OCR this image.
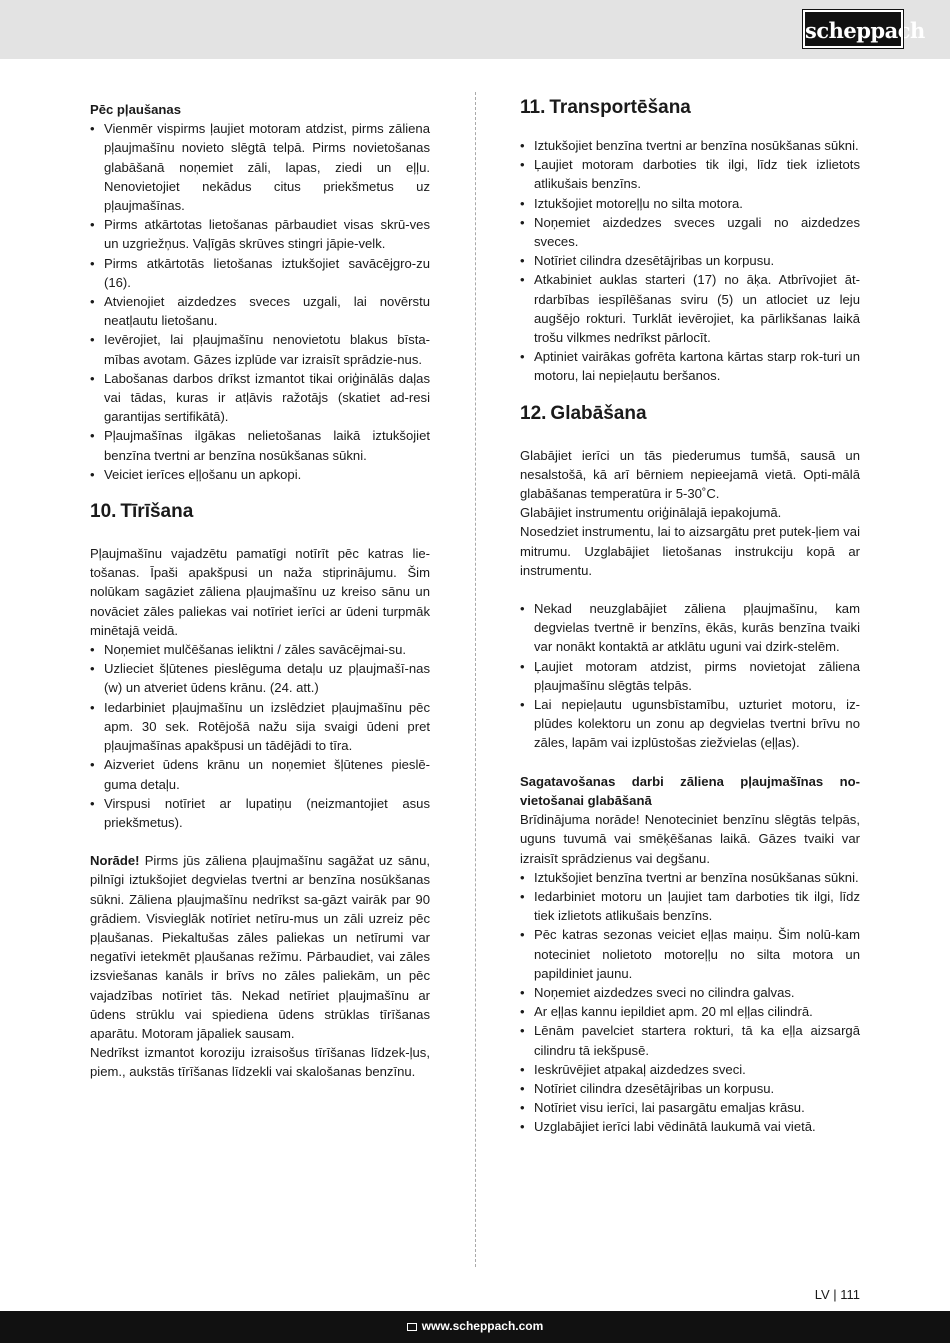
scheppach

Pēc pļaušanas

• Vienmēr vispirms ļaujiet motoram atdzist, pirms zāliena pļaujmašīnu novieto slēgtā telpā. Pirms novietošanas glabāšanā noņemiet zāli, lapas, ziedi un eļļu. Nenovietojiet nekādus citus priekšmetus uz pļaujmašīnas.
• Pirms atkārtotas lietošanas pārbaudiet visas skrū-ves un uzgriežņus. Vaļīgās skrūves stingri jāpie-velk.
• Pirms atkārtotās lietošanas iztukšojiet savācējgro-zu (16).
• Atvienojiet aizdedzes sveces uzgali, lai novērstu neatļautu lietošanu.
• Ievērojiet, lai pļaujmašīnu nenovietotu blakus bīsta-mības avotam. Gāzes izplūde var izraisīt sprādzie-nus.
• Labošanas darbos drīkst izmantot tikai oriģinālās daļas vai tādas, kuras ir atļāvis ražotājs (skatiet ad-resi garantijas sertifikātā).
• Pļaujmašīnas ilgākas nelietošanas laikā iztukšojiet benzīna tvertni ar benzīna nosūkšanas sūkni.
• Veiciet ierīces eļļošanu un apkopi.
10. Tīrīšana

Pļaujmašīnu vajadzētu pamatīgi notīrīt pēc katras lie-tošanas. Īpaši apakšpusi un naža stiprinājumu. Šim nolūkam sagāziet zāliena pļaujmašīnu uz kreiso sānu un novāciet zāles paliekas vai notīriet ierīci ar ūdeni turpmāk minētajā veidā.

• Noņemiet mulčēšanas ieliktni / zāles savācējmai-su.
• Uzlieciet šļūtenes pieslēguma detaļu uz pļaujmašī-nas (w) un atveriet ūdens krānu. (24. att.)
• Iedarbiniet pļaujmašīnu un izslēdziet pļaujmašīnu pēc apm. 30 sek. Rotējošā nažu sija svaigi ūdeni pret pļaujmašīnas apakšpusi un tādējādi to tīra.
• Aizveriet ūdens krānu un noņemiet šļūtenes pieslē-guma detaļu.
• Virspusi notīriet ar lupatiņu (neizmantojiet asus priekšmetus).

Norāde! Pirms jūs zāliena pļaujmašīnu sagāžat uz sānu, pilnīgi iztukšojiet degvielas tvertni ar benzīna nosūkšanas sūkni. Zāliena pļaujmašīnu nedrīkst sa-gāzt vairāk par 90 grādiem. Visvieglāk notīriet netīru-mus un zāli uzreiz pēc pļaušanas. Piekaltušas zāles paliekas un netīrumi var negatīvi ietekmēt pļaušanas režīmu. Pārbaudiet, vai zāles izsviešanas kanāls ir brīvs no zāles paliekām, un pēc vajadzības notīriet tās. Nekad netīriet pļaujmašīnu ar ūdens strūklu vai spiediena ūdens strūklas tīrīšanas aparātu. Motoram jāpaliek sausam.

Nedrīkst izmantot koroziju izraisošus tīrīšanas līdzek-ļus, piem., aukstās tīrīšanas līdzekli vai skalošanas benzīnu.

11. Transportēšana
• Iztukšojiet benzīna tvertni ar benzīna nosūkšanas sūkni.
• Ļaujiet motoram darboties tik ilgi, līdz tiek izlietots atlikušais benzīns.
• Iztukšojiet motoreļļu no silta motora.
• Noņemiet aizdedzes sveces uzgali no aizdedzes sveces.
• Notīriet cilindra dzesētājribas un korpusu.
• Atkabiniet auklas starteri (17) no āķa. Atbrīvojiet āt-rdarbības iespīlēšanas sviru (5) un atlociet uz leju augšējo rokturi. Turklāt ievērojiet, ka pārlikšanas laikā trošu vilkmes nedrīkst pārlocīt.
• Aptiniet vairākas gofrēta kartona kārtas starp rok-turi un motoru, lai nepieļautu beršanos.
12. Glabāšana

Glabājiet ierīci un tās piederumus tumšā, sausā un nesalstošā, kā arī bērniem nepieejamā vietā. Opti-mālā glabāšanas temperatūra ir 5-30˚C.

Glabājiet instrumentu oriģinālajā iepakojumā.

Nosedziet instrumentu, lai to aizsargātu pret putek-ļiem vai mitrumu. Uzglabājiet lietošanas instrukciju kopā ar instrumentu.

• Nekad neuzglabājiet zāliena pļaujmašīnu, kam degvielas tvertnē ir benzīns, ēkās, kurās benzīna tvaiki var nonākt kontaktā ar atklātu uguni vai dzirk-stelēm.
• Ļaujiet motoram atdzist, pirms novietojat zāliena pļaujmašīnu slēgtās telpās.
• Lai nepieļautu ugunsbīstamību, uzturiet motoru, iz-plūdes kolektoru un zonu ap degvielas tvertni brīvu no zāles, lapām vai izplūstošas ziežvielas (eļļas).

Sagatavošanas darbi zāliena pļaujmašīnas no-vietošanai glabāšanā

Brīdinājuma norāde! Nenoteciniet benzīnu slēgtās telpās, uguns tuvumā vai smēķēšanas laikā. Gāzes tvaiki var izraisīt sprādzienus vai degšanu.

• Iztukšojiet benzīna tvertni ar benzīna nosūkšanas sūkni.
• Iedarbiniet motoru un ļaujiet tam darboties tik ilgi, līdz tiek izlietots atlikušais benzīns.
• Pēc katras sezonas veiciet eļļas maiņu. Šim nolū-kam noteciniet nolietoto motoreļļu no silta motora un papildiniet jaunu.
• Noņemiet aizdedzes sveci no cilindra galvas.
• Ar eļļas kannu iepildiet apm. 20 ml eļļas cilindrā.
• Lēnām pavelciet startera rokturi, tā ka eļļa aizsargā cilindru tā iekšpusē.
• Ieskrūvējiet atpakaļ aizdedzes sveci.
• Notīriet cilindra dzesētājribas un korpusu.
• Notīriet visu ierīci, lai pasargātu emaljas krāsu.
• Uzglabājiet ierīci labi vēdinātā laukumā vai vietā.
LV | 111
www.scheppach.com
